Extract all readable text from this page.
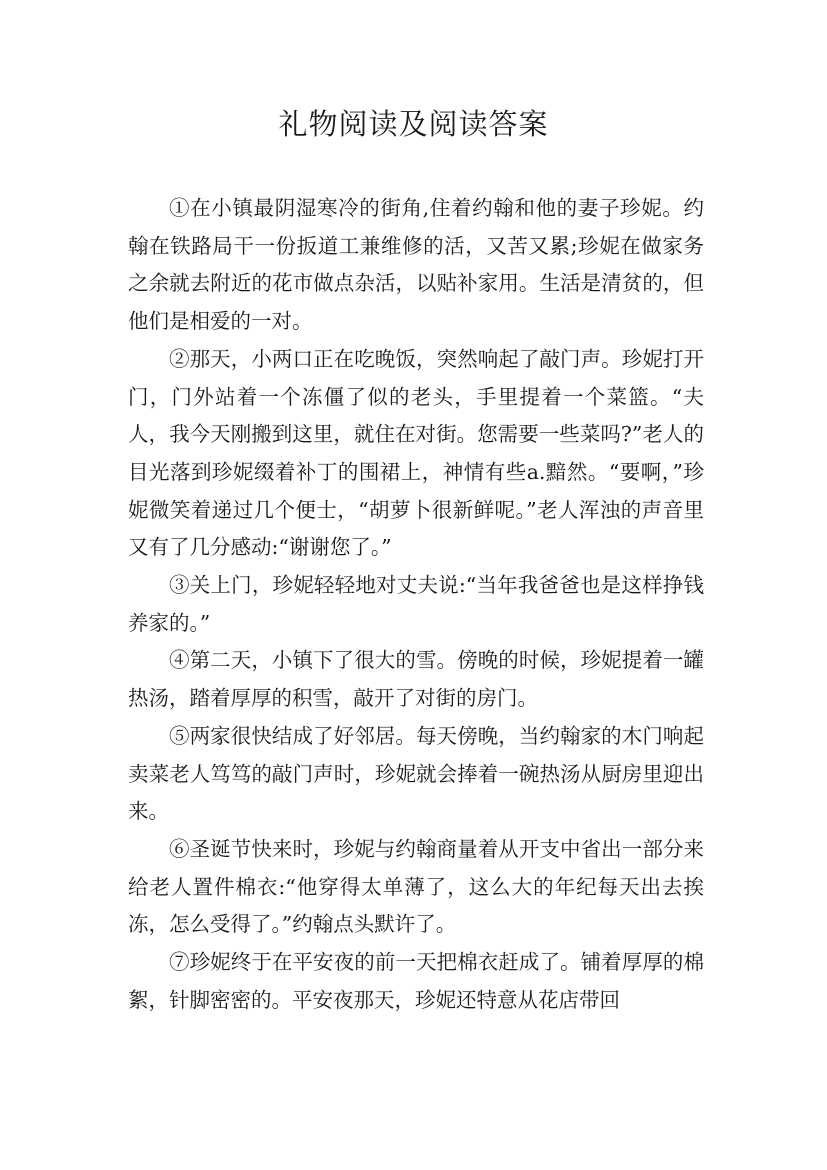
礼物阅读及阅读答案

①在小镇最阴湿寒冷的街角,住着约翰和他的妻子珍妮。约翰在铁路局干一份扳道工兼维修的活，又苦又累;珍妮在做家务之余就去附近的花市做点杂活，以贴补家用。生活是清贫的，但他们是相爱的一对。

②那天，小两口正在吃晚饭，突然响起了敲门声。珍妮打开门，门外站着一个冻僵了似的老头，手里提着一个菜篮。“夫人，我今天刚搬到这里，就住在对街。您需要一些菜吗?”老人的目光落到珍妮缀着补丁的围裙上，神情有些a.黯然。“要啊，”珍妮微笑着递过几个便士，“胡萝卜很新鲜呢。”老人浑浊的声音里又有了几分感动:“谢谢您了。”

③关上门，珍妮轻轻地对丈夫说:“当年我爸爸也是这样挣钱养家的。”

④第二天，小镇下了很大的雪。傍晚的时候，珍妮提着一罐热汤，踏着厚厚的积雪，敲开了对街的房门。

⑤两家很快结成了好邻居。每天傍晚，当约翰家的木门响起卖菜老人笃笃的敲门声时，珍妮就会捧着一碗热汤从厨房里迎出来。

⑥圣诞节快来时，珍妮与约翰商量着从开支中省出一部分来给老人置件棉衣:“他穿得太单薄了，这么大的年纪每天出去挨冻，怎么受得了。”约翰点头默许了。

⑦珍妮终于在平安夜的前一天把棉衣赶成了。铺着厚厚的棉絮，针脚密密的。平安夜那天，珍妮还特意从花店带回
